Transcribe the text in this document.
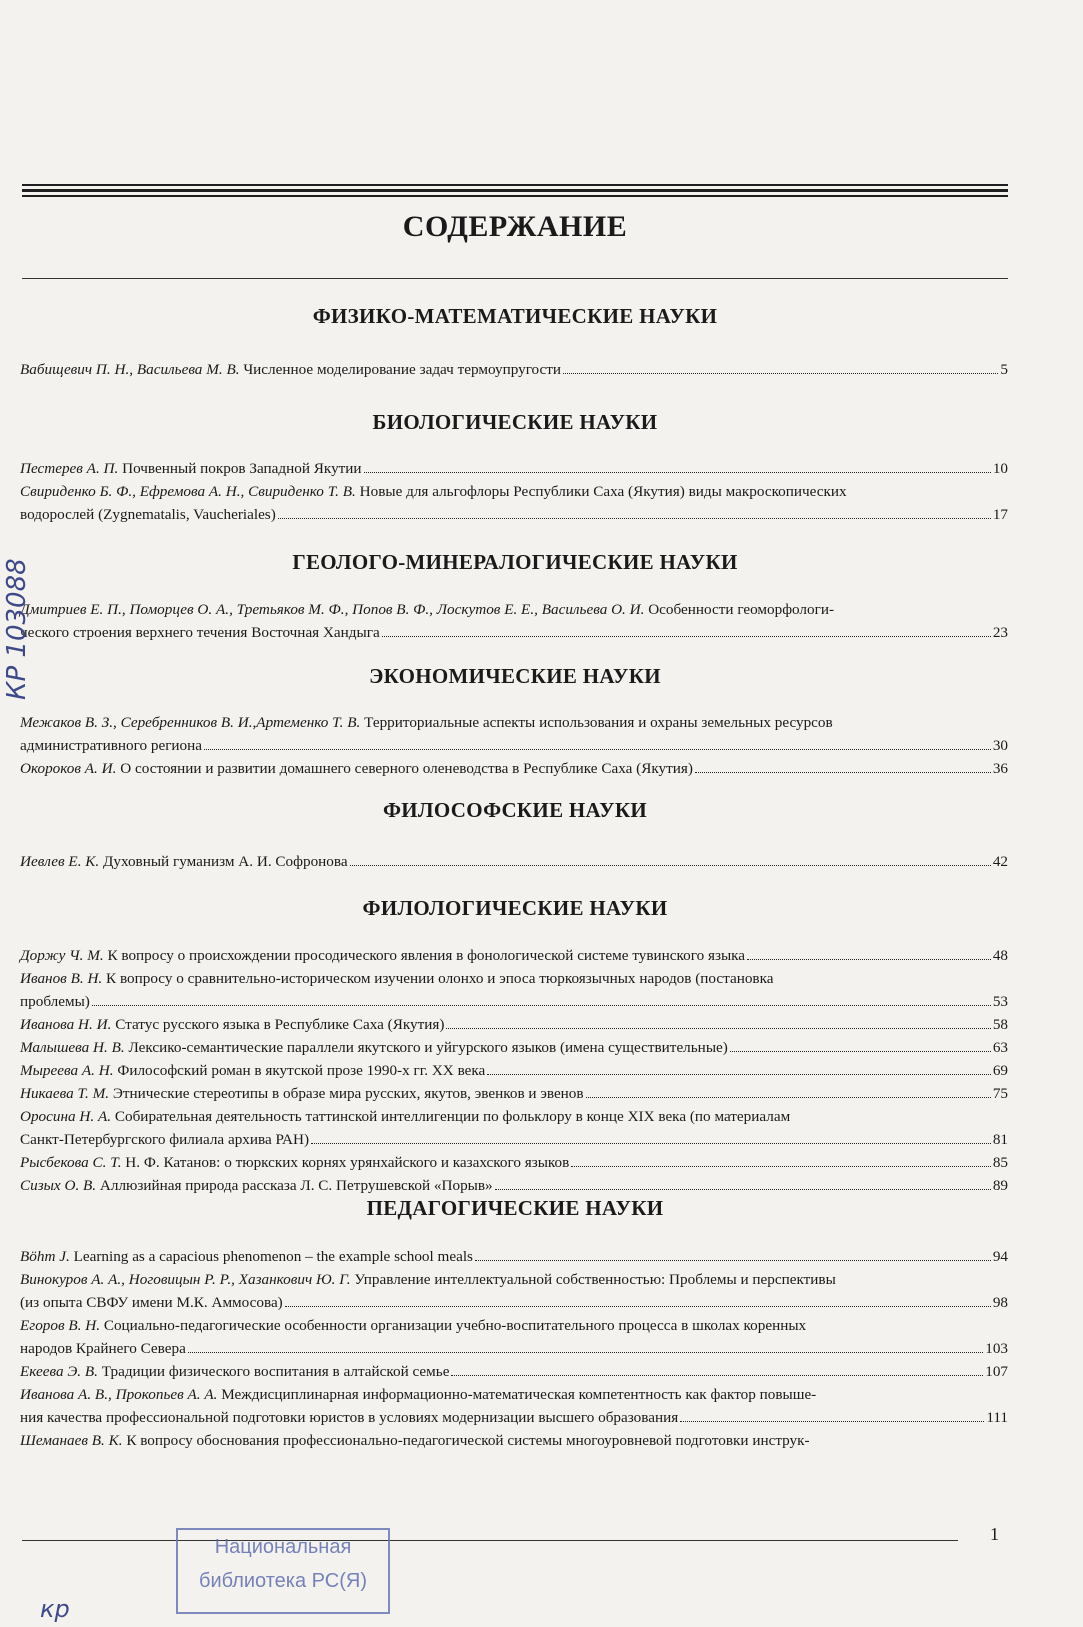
СОДЕРЖАНИЕ
ФИЗИКО-МАТЕМАТИЧЕСКИЕ НАУКИ
Вабищевич П. Н., Васильева М. В. Численное моделирование задач термоупругости	5
БИОЛОГИЧЕСКИЕ НАУКИ
Пестерев А. П. Почвенный покров Западной Якутии	10
Свириденко Б. Ф., Ефремова А. Н., Свириденко Т. В. Новые для альгофлоры Республики Саха (Якутия) виды макроскопических
водорослей (Zygnematalis, Vaucheriales)	17
ГЕОЛОГО-МИНЕРАЛОГИЧЕСКИЕ НАУКИ
Дмитриев Е. П., Поморцев О. А., Третьяков М. Ф., Попов В. Ф., Лоскутов Е. Е., Васильева О. И. Особенности геоморфологи-
ческого строения верхнего течения Восточная Хандыга	23
ЭКОНОМИЧЕСКИЕ НАУКИ
Межаков В. З., Серебренников В. И.,Артеменко Т. В. Территориальные аспекты использования и охраны земельных ресурсов
административного региона	30
Окороков А. И. О состоянии и развитии домашнего северного оленеводства в Республике Саха (Якутия)	36
ФИЛОСОФСКИЕ НАУКИ
Иевлев Е. К. Духовный гуманизм А. И. Софронова	42
ФИЛОЛОГИЧЕСКИЕ НАУКИ
Доржу Ч. М. К вопросу о происхождении просодического явления в фонологической системе тувинского языка	48
Иванов В. Н. К вопросу о сравнительно-историческом изучении олонхо и эпоса тюркоязычных народов (постановка
проблемы)	53
Иванова Н. И. Статус русского языка в Республике Саха (Якутия)	58
Малышева Н. В. Лексико-семантические параллели якутского и уйгурского языков (имена существительные)	63
Мыреева А. Н. Философский роман в якутской прозе 1990-х гг. XX века	69
Никаева Т. М. Этнические стереотипы в образе мира русских, якутов, эвенков и эвенов	75
Оросина Н. А. Собирательная деятельность таттинской интеллигенции по фольклору в конце XIX века (по материалам
Санкт-Петербургского филиала архива РАН)	81
Рысбекова С. Т. Н. Ф. Катанов: о тюркских корнях урянхайского и казахского языков	85
Сизых О. В. Аллюзийная природа рассказа Л. С. Петрушевской «Порыв»	89
ПЕДАГОГИЧЕСКИЕ НАУКИ
Böhm J. Learning as a capacious phenomenon – the example school meals	94
Винокуров А. А., Ноговицын Р. Р., Хазанкович Ю. Г. Управление интеллектуальной собственностью: Проблемы и перспективы
(из опыта СВФУ имени М.К. Аммосова)	98
Егоров В. Н. Социально-педагогические особенности организации учебно-воспитательного процесса в школах коренных
народов Крайнего Севера	103
Екеева Э. В. Традиции физического воспитания в алтайской семье	107
Иванова А. В., Прокопьев А. А. Междисциплинарная информационно-математическая компетентность как фактор повыше-
ния качества профессиональной подготовки юристов в условиях модернизации высшего образования	111
Шеманаев В. К. К вопросу обоснования профессионально-педагогической системы многоуровневой подготовки инструк-

1

Национальная
библиотека РС(Я)
КР 103088
кр
